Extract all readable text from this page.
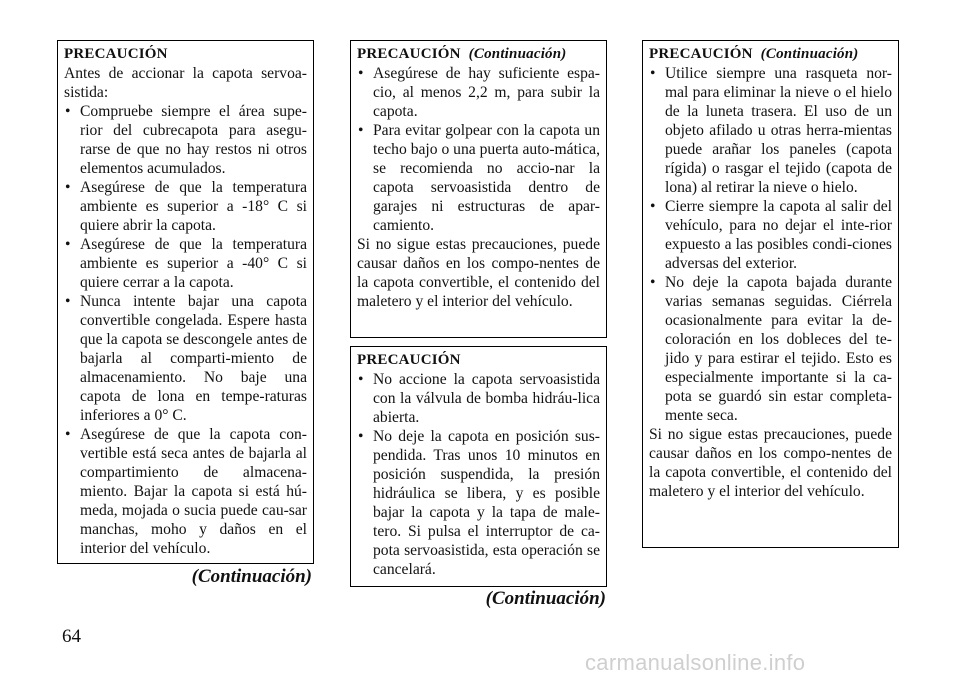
PRECAUCIÓN
Antes de accionar la capota servoa-sistida:
• Compruebe siempre el área supe-rior del cubrecapota para asegu-rarse de que no hay restos ni otros elementos acumulados.
• Asegúrese de que la temperatura ambiente es superior a -18° C si quiere abrir la capota.
• Asegúrese de que la temperatura ambiente es superior a -40° C si quiere cerrar a la capota.
• Nunca intente bajar una capota convertible congelada. Espere hasta que la capota se descongele antes de bajarla al comparti-miento de almacenamiento. No baje una capota de lona en tempe-raturas inferiores a 0° C.
• Asegúrese de que la capota con-vertible está seca antes de bajarla al compartimiento de almacena-miento. Bajar la capota si está hú-meda, mojada o sucia puede cau-sar manchas, moho y daños en el interior del vehículo.
(Continuación)
PRECAUCIÓN (Continuación)
• Asegúrese de hay suficiente espa-cio, al menos 2,2 m, para subir la capota.
• Para evitar golpear con la capota un techo bajo o una puerta auto-mática, se recomienda no accio-nar la capota servoasistida dentro de garajes ni estructuras de apar-camiento.
Si no sigue estas precauciones, puede causar daños en los compo-nentes de la capota convertible, el contenido del maletero y el interior del vehículo.
PRECAUCIÓN
• No accione la capota servoasistida con la válvula de bomba hidráu-lica abierta.
• No deje la capota en posición sus-pendida. Tras unos 10 minutos en posición suspendida, la presión hidráulica se libera, y es posible bajar la capota y la tapa de male-tero. Si pulsa el interruptor de ca-pota servoasistida, esta operación se cancelará.
(Continuación)
PRECAUCIÓN (Continuación)
• Utilice siempre una rasqueta nor-mal para eliminar la nieve o el hielo de la luneta trasera. El uso de un objeto afilado u otras herra-mientas puede arañar los paneles (capota rígida) o rasgar el tejido (capota de lona) al retirar la nieve o hielo.
• Cierre siempre la capota al salir del vehículo, para no dejar el inte-rior expuesto a las posibles condi-ciones adversas del exterior.
• No deje la capota bajada durante varias semanas seguidas. Ciérrela ocasionalmente para evitar la de-coloración en los dobleces del te-jido y para estirar el tejido. Esto es especialmente importante si la ca-pota se guardó sin estar completa-mente seca.
Si no sigue estas precauciones, puede causar daños en los compo-nentes de la capota convertible, el contenido del maletero y el interior del vehículo.
64
carmanualsonline.info
